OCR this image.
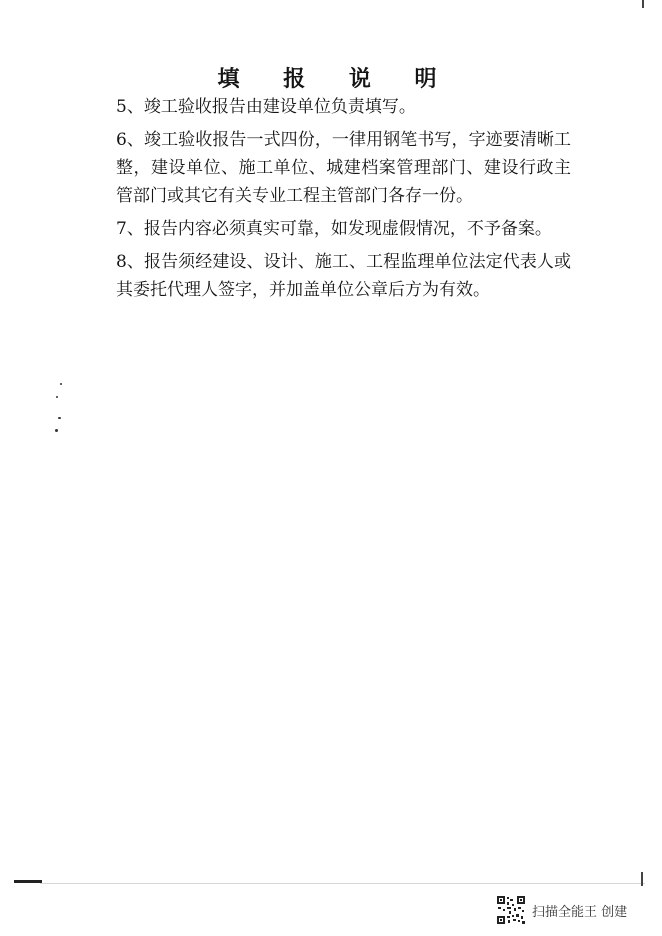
填 报 说 明

5、竣工验收报告由建设单位负责填写。

6、竣工验收报告一式四份，一律用钢笔书写，字迹要清晰工整，建设单位、施工单位、城建档案管理部门、建设行政主管部门或其它有关专业工程主管部门各存一份。

7、报告内容必须真实可靠，如发现虚假情况，不予备案。

8、报告须经建设、设计、施工、工程监理单位法定代表人或其委托代理人签字，并加盖单位公章后方为有效。

扫描全能王 创建
